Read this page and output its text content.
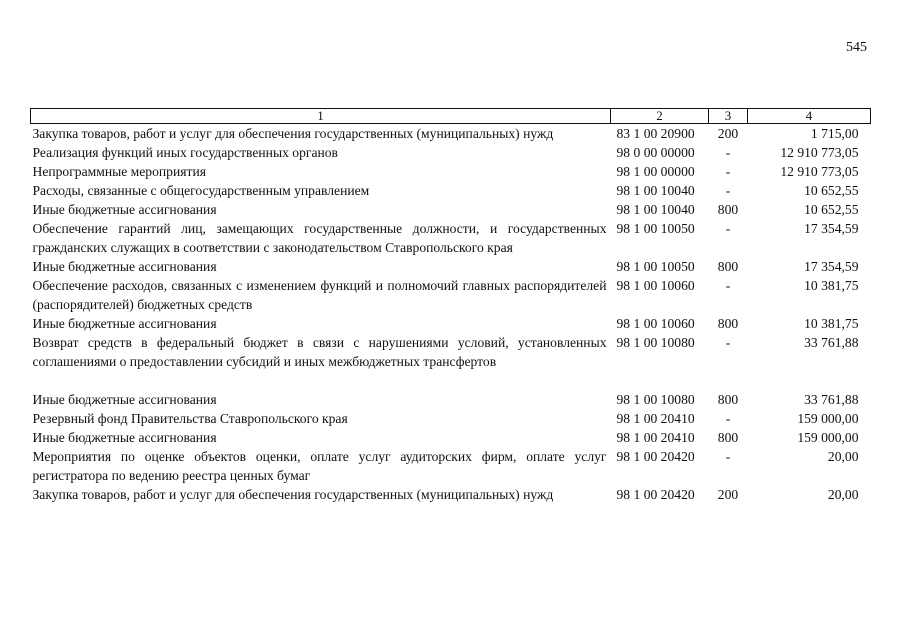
545
1	2	3	4
Закупка товаров, работ и услуг для обеспечения государственных (муниципальных) нужд	83 1 00 20900	200	1 715,00
Реализация функций иных государственных органов	98 0 00 00000	-	12 910 773,05
Непрограммные мероприятия	98 1 00 00000	-	12 910 773,05
Расходы, связанные с общегосударственным управлением	98 1 00 10040	-	10 652,55
Иные бюджетные ассигнования	98 1 00 10040	800	10 652,55
Обеспечение гарантий лиц, замещающих государственные должности, и государственных гражданских служащих в соответствии с законодательством Ставропольского края	98 1 00 10050	-	17 354,59
Иные бюджетные ассигнования	98 1 00 10050	800	17 354,59
Обеспечение расходов, связанных с изменением функций и полномочий главных распорядителей (распорядителей) бюджетных средств	98 1 00 10060	-	10 381,75
Иные бюджетные ассигнования	98 1 00 10060	800	10 381,75
Возврат средств в федеральный бюджет в связи с нарушениями условий, установленных соглашениями о предоставлении субсидий и иных межбюджетных трансфертов	98 1 00 10080	-	33 761,88
Иные бюджетные ассигнования	98 1 00 10080	800	33 761,88
Резервный фонд Правительства Ставропольского края	98 1 00 20410	-	159 000,00
Иные бюджетные ассигнования	98 1 00 20410	800	159 000,00
Мероприятия по оценке объектов оценки, оплате услуг аудиторских фирм, оплате услуг регистратора по ведению реестра ценных бумаг	98 1 00 20420	-	20,00
Закупка товаров, работ и услуг для обеспечения государственных (муниципальных) нужд	98 1 00 20420	200	20,00
